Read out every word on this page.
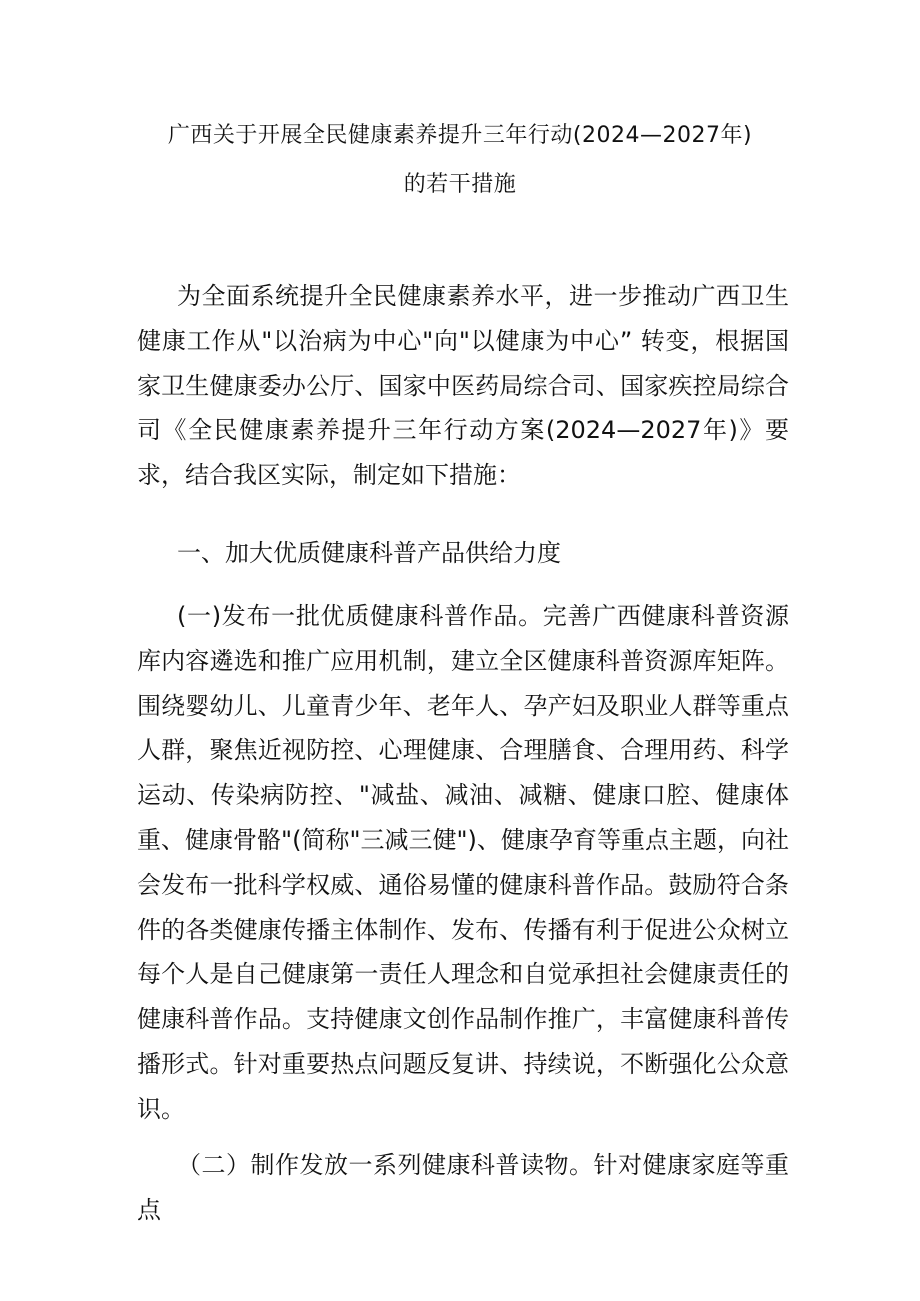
广西关于开展全民健康素养提升三年行动(2024—2027年)
的若干措施

为全面系统提升全民健康素养水平，进一步推动广西卫生健康工作从"以治病为中心"向"以健康为中心” 转变，根据国家卫生健康委办公厅、国家中医药局综合司、国家疾控局综合司《全民健康素养提升三年行动方案(2024—2027年)》要求，结合我区实际，制定如下措施：

一、加大优质健康科普产品供给力度

(一)发布一批优质健康科普作品。完善广西健康科普资源库内容遴选和推广应用机制，建立全区健康科普资源库矩阵。围绕婴幼儿、儿童青少年、老年人、孕产妇及职业人群等重点人群，聚焦近视防控、心理健康、合理膳食、合理用药、科学运动、传染病防控、"减盐、减油、减糖、健康口腔、健康体重、健康骨骼"(简称"三减三健")、健康孕育等重点主题，向社会发布一批科学权威、通俗易懂的健康科普作品。鼓励符合条件的各类健康传播主体制作、发布、传播有利于促进公众树立每个人是自己健康第一责任人理念和自觉承担社会健康责任的健康科普作品。支持健康文创作品制作推广，丰富健康科普传播形式。针对重要热点问题反复讲、持续说，不断强化公众意识。

（二）制作发放一系列健康科普读物。针对健康家庭等重点
